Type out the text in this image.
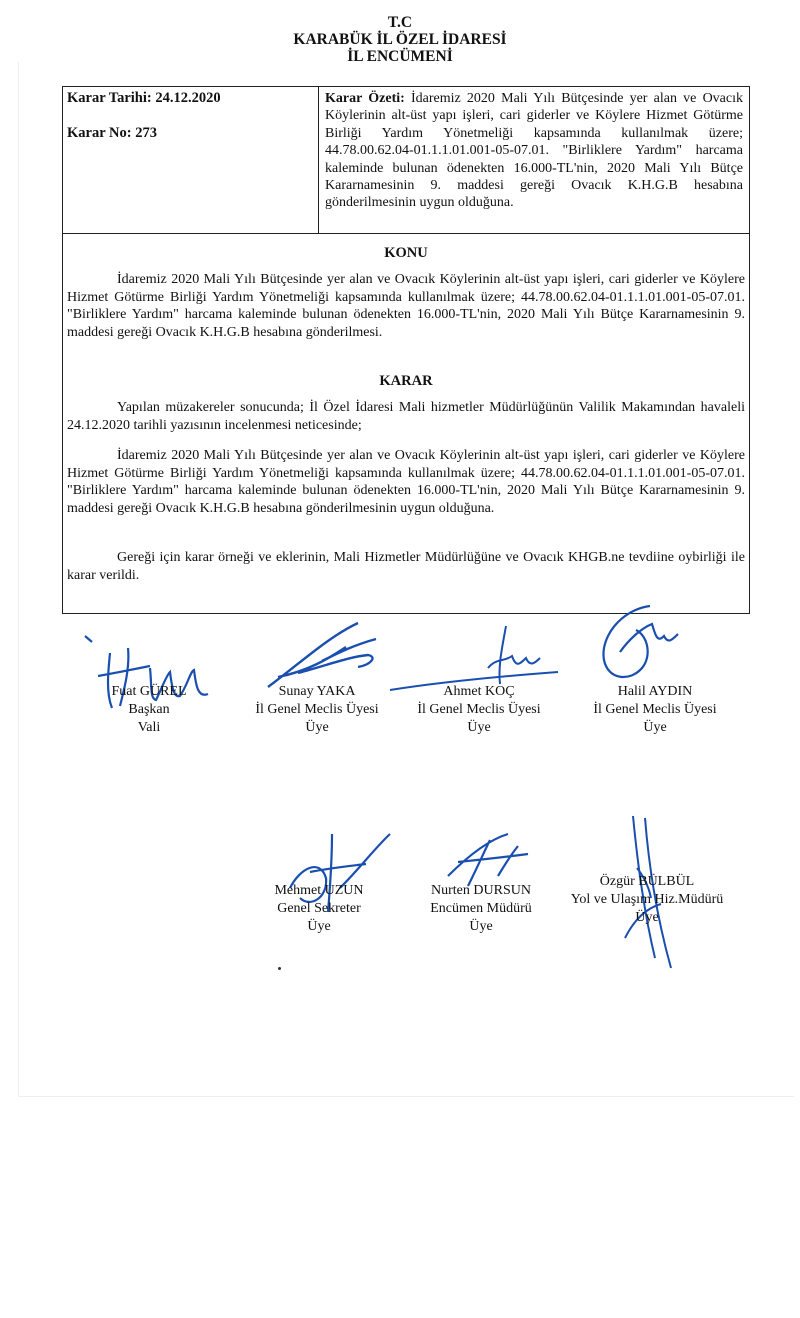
T.C
KARABÜK İL ÖZEL İDARESİ
İL ENCÜMENİ
Karar Tarihi: 24.12.2020
Karar No: 273
Karar Özeti: İdaremiz 2020 Mali Yılı Bütçesinde yer alan ve Ovacık Köylerinin alt-üst yapı işleri, cari giderler ve Köylere Hizmet Götürme Birliği Yardım Yönetmeliği kapsamında kullanılmak üzere; 44.78.00.62.04-01.1.1.01.001-05-07.01. "Birliklere Yardım" harcama kaleminde bulunan ödenekten 16.000-TL'nin, 2020 Mali Yılı Bütçe Kararnamesinin 9. maddesi gereği Ovacık K.H.G.B hesabına gönderilmesinin uygun olduğuna.
KONU
İdaremiz 2020 Mali Yılı Bütçesinde yer alan ve Ovacık Köylerinin alt-üst yapı işleri, cari giderler ve Köylere Hizmet Götürme Birliği Yardım Yönetmeliği kapsamında kullanılmak üzere; 44.78.00.62.04-01.1.1.01.001-05-07.01. "Birliklere Yardım" harcama kaleminde bulunan ödenekten 16.000-TL'nin, 2020 Mali Yılı Bütçe Kararnamesinin 9. maddesi gereği Ovacık K.H.G.B hesabına gönderilmesi.
KARAR
Yapılan müzakereler sonucunda; İl Özel İdaresi Mali hizmetler Müdürlüğünün Valilik Makamından havaleli 24.12.2020 tarihli yazısının incelenmesi neticesinde;
İdaremiz 2020 Mali Yılı Bütçesinde yer alan ve Ovacık Köylerinin alt-üst yapı işleri, cari giderler ve Köylere Hizmet Götürme Birliği Yardım Yönetmeliği kapsamında kullanılmak üzere; 44.78.00.62.04-01.1.1.01.001-05-07.01. "Birliklere Yardım" harcama kaleminde bulunan ödenekten 16.000-TL'nin, 2020 Mali Yılı Bütçe Kararnamesinin 9. maddesi gereği Ovacık K.H.G.B hesabına gönderilmesinin uygun olduğuna.
Gereği için karar örneği ve eklerinin, Mali Hizmetler Müdürlüğüne ve Ovacık KHGB.ne tevdiine oybirliği ile karar verildi.
Fuat GÜREL
Başkan
Vali
Sunay YAKA
İl Genel Meclis Üyesi
Üye
Ahmet KOÇ
İl Genel Meclis Üyesi
Üye
Halil AYDIN
İl Genel Meclis Üyesi
Üye
Mehmet UZUN
Genel Sekreter
Üye
Nurten DURSUN
Encümen Müdürü
Üye
Özgür BÜLBÜL
Yol ve Ulaşım Hiz.Müdürü
Üye
